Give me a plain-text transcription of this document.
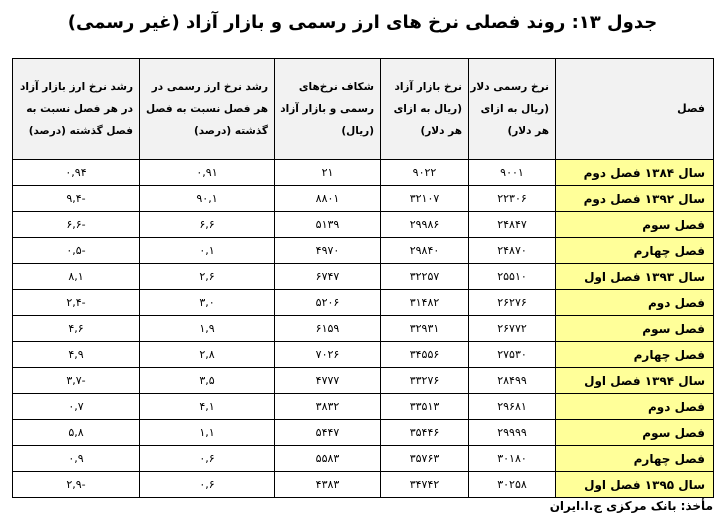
جدول ۱۳: روند فصلی نرخ های ارز رسمی و بازار آزاد (غیر رسمی)
فصل	نرخ رسمی دلار (ریال به ازای هر دلار)	نرخ بازار آزاد (ریال به ازای هر دلار)	شکاف نرخ‌های رسمی و بازار آزاد (ریال)	رشد نرخ ارز رسمی در هر فصل نسبت به فصل گذشته (درصد)	رشد نرخ ارز بازار آزاد در هر فصل نسبت به فصل گذشته (درصد)
سال ۱۳۸۴ فصل دوم	۹۰۰۱	۹۰۲۲	۲۱	۰,۹۱	۰,۹۴
سال ۱۳۹۲ فصل دوم	۲۲۳۰۶	۳۲۱۰۷	۸۸۰۱	۹۰,۱	-۹,۴
فصل سوم	۲۴۸۴۷	۲۹۹۸۶	۵۱۳۹	۶,۶	-۶,۶
فصل چهارم	۲۴۸۷۰	۲۹۸۴۰	۴۹۷۰	۰,۱	-۰,۵
سال ۱۳۹۳ فصل اول	۲۵۵۱۰	۳۲۲۵۷	۶۷۴۷	۲,۶	۸,۱
فصل دوم	۲۶۲۷۶	۳۱۴۸۲	۵۲۰۶	۳,۰	-۲,۴
فصل سوم	۲۶۷۷۲	۳۲۹۳۱	۶۱۵۹	۱,۹	۴,۶
فصل چهارم	۲۷۵۳۰	۳۴۵۵۶	۷۰۲۶	۲,۸	۴,۹
سال ۱۳۹۴ فصل اول	۲۸۴۹۹	۳۳۲۷۶	۴۷۷۷	۳,۵	-۳,۷
فصل دوم	۲۹۶۸۱	۳۳۵۱۳	۳۸۳۲	۴,۱	۰,۷
فصل سوم	۲۹۹۹۹	۳۵۴۴۶	۵۴۴۷	۱,۱	۵,۸
فصل چهارم	۳۰۱۸۰	۳۵۷۶۳	۵۵۸۳	۰,۶	۰,۹
سال ۱۳۹۵ فصل اول	۳۰۲۵۸	۳۴۷۴۲	۴۳۸۳	۰,۶	-۲,۹
مأخذ: بانک مرکزی ج.ا.ایران
